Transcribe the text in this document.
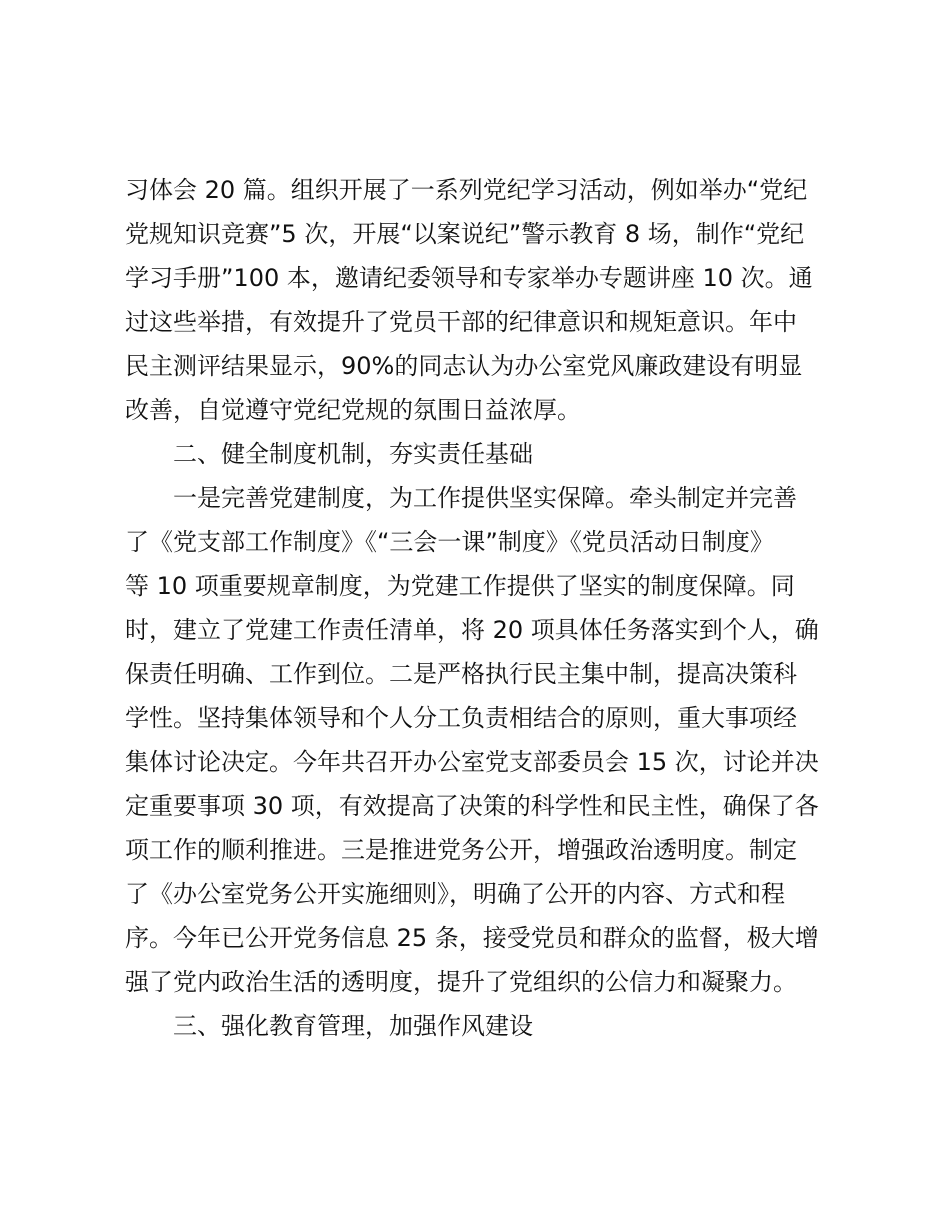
习体会 20 篇。组织开展了一系列党纪学习活动，例如举办“党纪
党规知识竞赛”5 次，开展“以案说纪”警示教育 8 场，制作“党纪
学习手册”100 本，邀请纪委领导和专家举办专题讲座 10 次。通
过这些举措，有效提升了党员干部的纪律意识和规矩意识。年中
民主测评结果显示，90%的同志认为办公室党风廉政建设有明显
改善，自觉遵守党纪党规的氛围日益浓厚。
二、健全制度机制，夯实责任基础
一是完善党建制度，为工作提供坚实保障。牵头制定并完善
了《党支部工作制度》《“三会一课”制度》《党员活动日制度》
等 10 项重要规章制度，为党建工作提供了坚实的制度保障。同
时，建立了党建工作责任清单，将 20 项具体任务落实到个人，确
保责任明确、工作到位。二是严格执行民主集中制，提高决策科
学性。坚持集体领导和个人分工负责相结合的原则，重大事项经
集体讨论决定。今年共召开办公室党支部委员会 15 次，讨论并决
定重要事项 30 项，有效提高了决策的科学性和民主性，确保了各
项工作的顺利推进。三是推进党务公开，增强政治透明度。制定
了《办公室党务公开实施细则》，明确了公开的内容、方式和程
序。今年已公开党务信息 25 条，接受党员和群众的监督，极大增
强了党内政治生活的透明度，提升了党组织的公信力和凝聚力。
三、强化教育管理，加强作风建设
